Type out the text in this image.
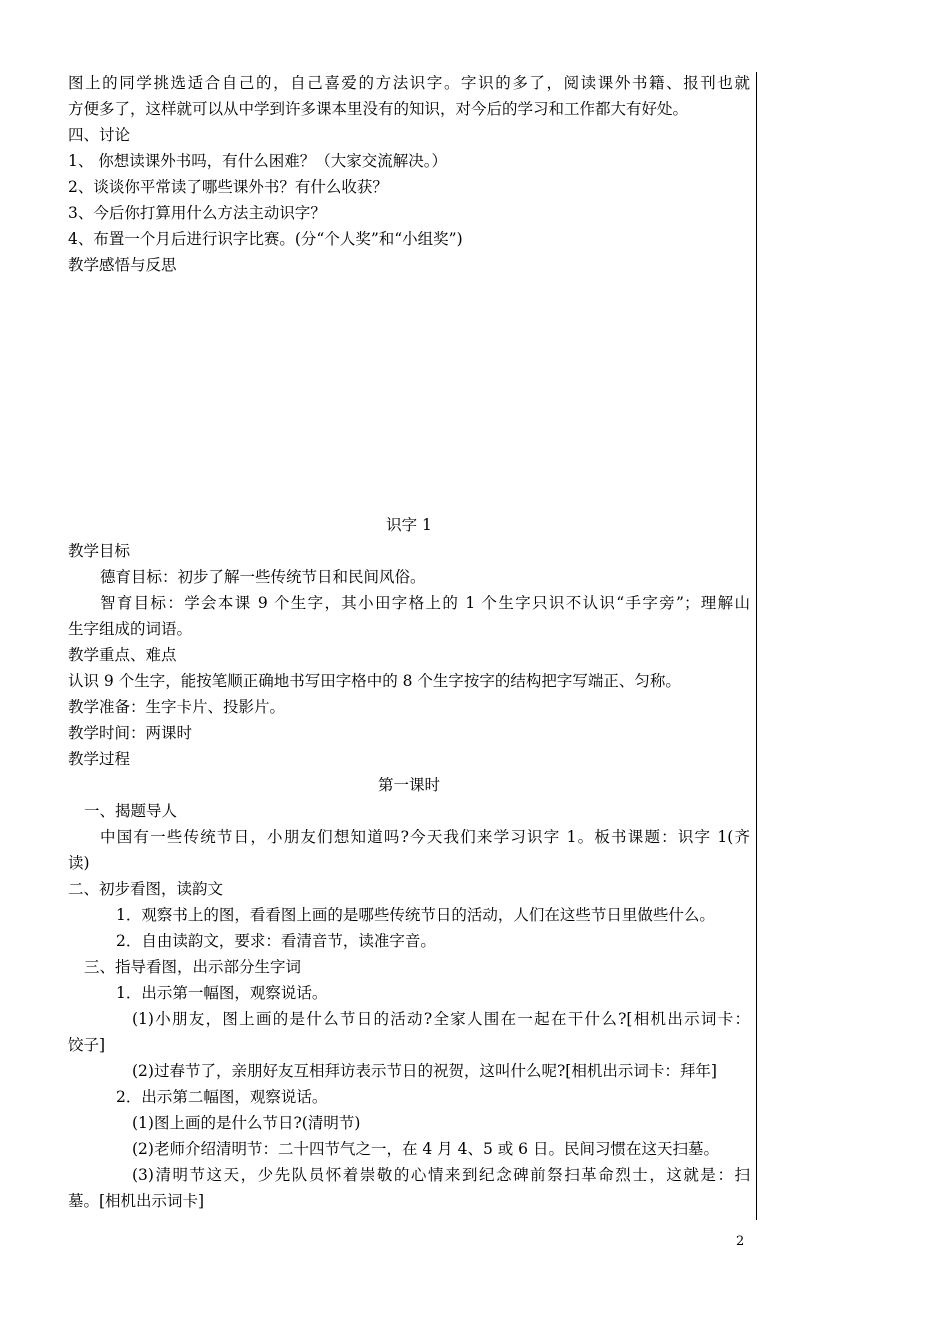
图上的同学挑选适合自己的，自己喜爱的方法识字。字识的多了，阅读课外书籍、报刊也就

方便多了，这样就可以从中学到许多课本里没有的知识，对今后的学习和工作都大有好处。

四、讨论

1、 你想读课外书吗，有什么困难？（大家交流解决。）

2、谈谈你平常读了哪些课外书？有什么收获？

3、今后你打算用什么方法主动识字？

4、布置一个月后进行识字比赛。(分“个人奖”和“小组奖”)

教学感悟与反思

识字 1

教学目标

德育目标：初步了解一些传统节日和民间风俗。

智育目标：学会本课 9 个生字，其小田字格上的 1 个生字只识不认识“手字旁”；理解山

生字组成的词语。

教学重点、难点

认识 9 个生字，能按笔顺正确地书写田字格中的 8 个生字按字的结构把字写端正、匀称。

教学准备：生字卡片、投影片。

教学时间：两课时

教学过程

第一课时

一、揭题导人

中国有一些传统节日，小朋友们想知道吗?今天我们来学习识字 1。板书课题：识字 1(齐

读)

二、初步看图，读韵文

1．观察书上的图，看看图上画的是哪些传统节日的活动，人们在这些节日里做些什么。

2．自由读韵文，要求：看清音节，读准字音。

三、指导看图，出示部分生字词

1．出示第一幅图，观察说话。

(1)小朋友，图上画的是什么节日的活动?全家人围在一起在干什么?[相机出示词卡：

饺子]

(2)过春节了，亲朋好友互相拜访表示节日的祝贺，这叫什么呢?[相机出示词卡：拜年]

2．出示第二幅图，观察说话。

(1)图上画的是什么节日?(清明节)

(2)老师介绍清明节：二十四节气之一，在 4 月 4、5 或 6 日。民间习惯在这天扫墓。

(3)清明节这天，少先队员怀着崇敬的心情来到纪念碑前祭扫革命烈士，这就是：扫

墓。[相机出示词卡]

2
